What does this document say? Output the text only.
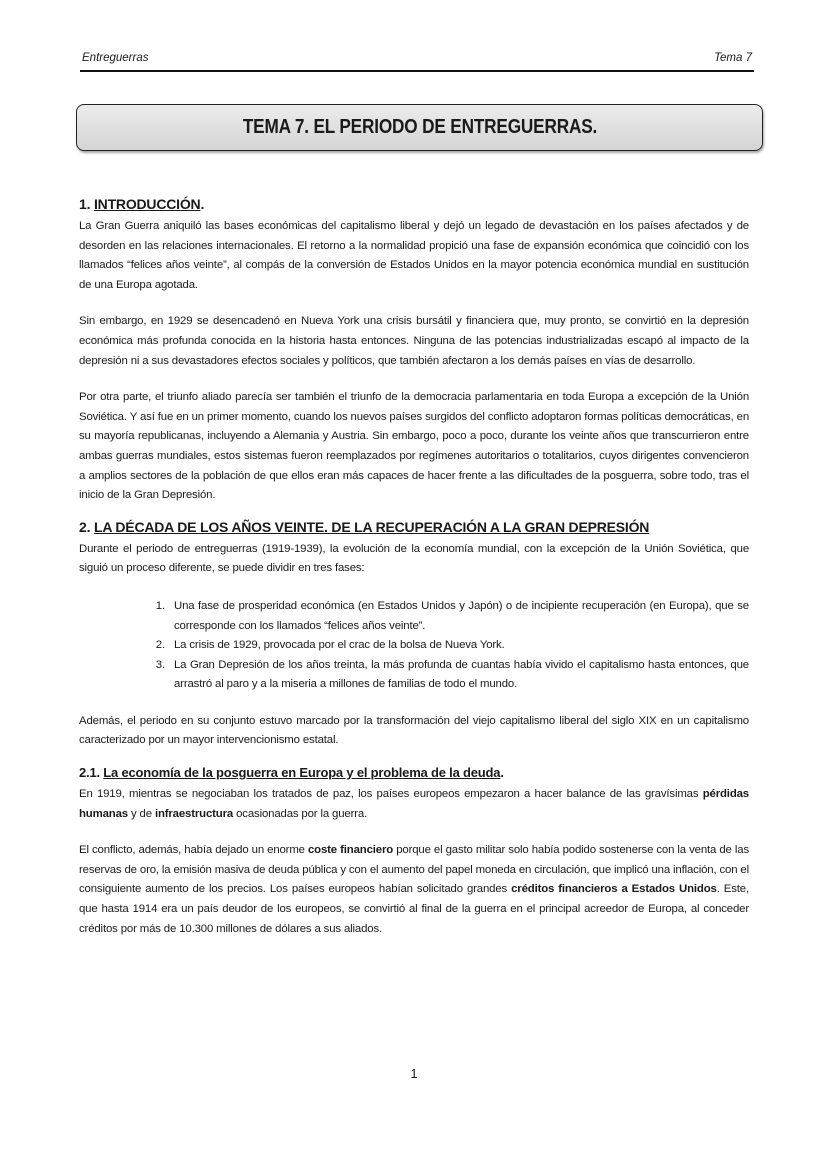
Entreguerras	Tema 7
TEMA 7. EL PERIODO DE ENTREGUERRAS.
1. INTRODUCCIÓN.

La Gran Guerra aniquiló las bases económicas del capitalismo liberal y dejó un legado de devastación en los países afectados y de desorden en las relaciones internacionales. El retorno a la normalidad propició una fase de expansión económica que coincidió con los llamados “felices años veinte”, al compás de la conversión de Estados Unidos en la mayor potencia económica mundial en sustitución de una Europa agotada.

Sin embargo, en 1929 se desencadenó en Nueva York una crisis bursátil y financiera que, muy pronto, se convirtió en la depresión económica más profunda conocida en la historia hasta entonces. Ninguna de las potencias industrializadas escapó al impacto de la depresión ni a sus devastadores efectos sociales y políticos, que también afectaron a los demás países en vías de desarrollo.

Por otra parte, el triunfo aliado parecía ser también el triunfo de la democracia parlamentaria en toda Europa a excepción de la Unión Soviética. Y así fue en un primer momento, cuando los nuevos países surgidos del conflicto adoptaron formas políticas democráticas, en su mayoría republicanas, incluyendo a Alemania y Austria. Sin embargo, poco a poco, durante los veinte años que transcurrieron entre ambas guerras mundiales, estos sistemas fueron reemplazados por regímenes autoritarios o totalitarios, cuyos dirigentes convencieron a amplios sectores de la población de que ellos eran más capaces de hacer frente a las dificultades de la posguerra, sobre todo, tras el inicio de la Gran Depresión.

2. LA DÉCADA DE LOS AÑOS VEINTE. DE LA RECUPERACIÓN A LA GRAN DEPRESIÓN

Durante el periodo de entreguerras (1919-1939), la evolución de la economía mundial, con la excepción de la Unión Soviética, que siguió un proceso diferente, se puede dividir en tres fases:

1. Una fase de prosperidad económica (en Estados Unidos y Japón) o de incipiente recuperación (en Europa), que se corresponde con los llamados “felices años veinte”.
2. La crisis de 1929, provocada por el crac de la bolsa de Nueva York.
3. La Gran Depresión de los años treinta, la más profunda de cuantas había vivido el capitalismo hasta entonces, que arrastró al paro y a la miseria a millones de familias de todo el mundo.

Además, el periodo en su conjunto estuvo marcado por la transformación del viejo capitalismo liberal del siglo XIX en un capitalismo caracterizado por un mayor intervencionismo estatal.

2.1. La economía de la posguerra en Europa y el problema de la deuda.

En 1919, mientras se negociaban los tratados de paz, los países europeos empezaron a hacer balance de las gravísimas pérdidas humanas y de infraestructura ocasionadas por la guerra.

El conflicto, además, había dejado un enorme coste financiero porque el gasto militar solo había podido sostenerse con la venta de las reservas de oro, la emisión masiva de deuda pública y con el aumento del papel moneda en circulación, que implicó una inflación, con el consiguiente aumento de los precios. Los países europeos habían solicitado grandes créditos financieros a Estados Unidos. Este, que hasta 1914 era un país deudor de los europeos, se convirtió al final de la guerra en el principal acreedor de Europa, al conceder créditos por más de 10.300 millones de dólares a sus aliados.

1
